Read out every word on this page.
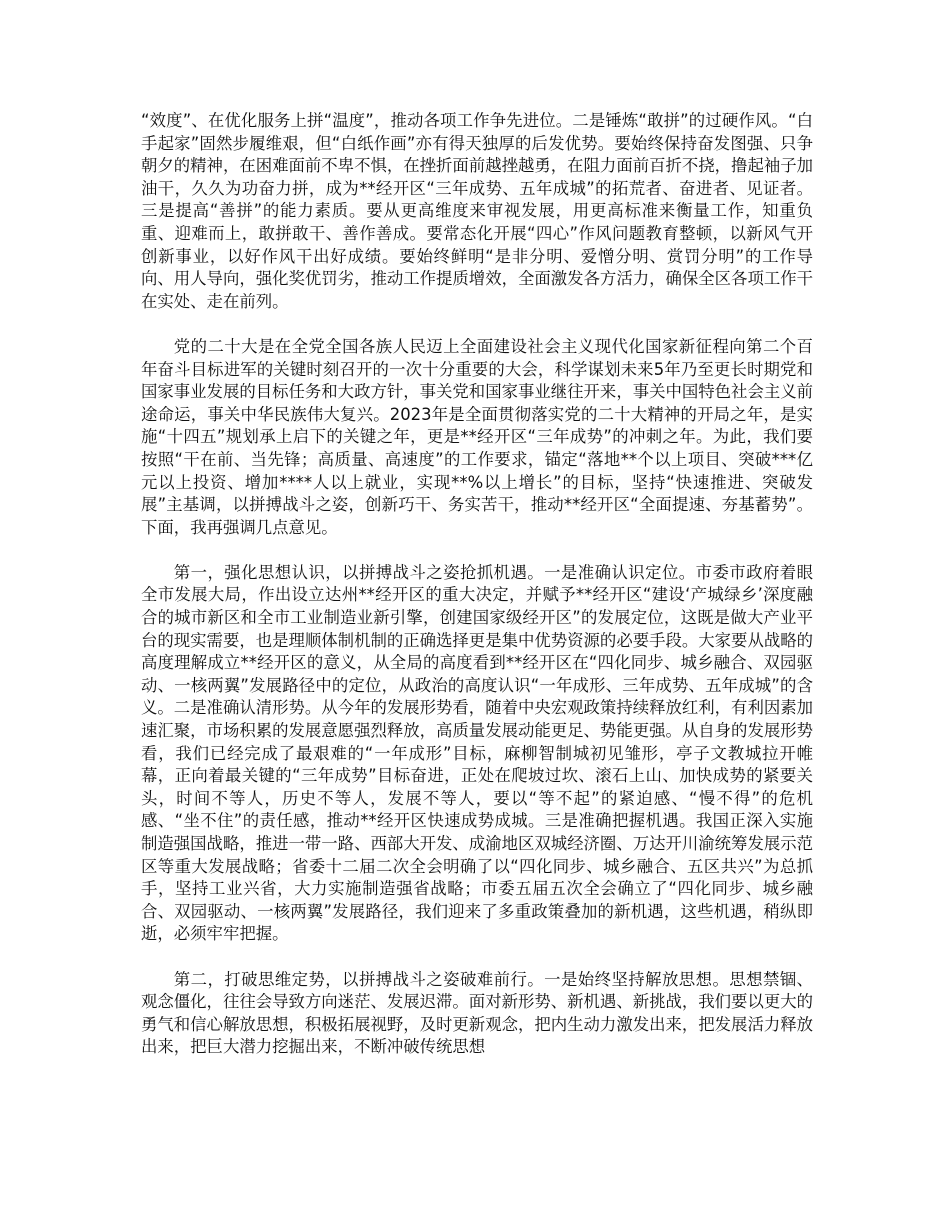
“效度”、在优化服务上拼“温度”，推动各项工作争先进位。二是锤炼“敢拼”的过硬作风。“白手起家”固然步履维艰，但“白纸作画”亦有得天独厚的后发优势。要始终保持奋发图强、只争朝夕的精神，在困难面前不卑不惧，在挫折面前越挫越勇，在阻力面前百折不挠，撸起袖子加油干，久久为功奋力拼，成为**经开区“三年成势、五年成城”的拓荒者、奋进者、见证者。三是提高“善拼”的能力素质。要从更高维度来审视发展，用更高标准来衡量工作，知重负重、迎难而上，敢拼敢干、善作善成。要常态化开展“四心”作风问题教育整顿，以新风气开创新事业，以好作风干出好成绩。要始终鲜明“是非分明、爱憎分明、赏罚分明”的工作导向、用人导向，强化奖优罚劣，推动工作提质增效，全面激发各方活力，确保全区各项工作干在实处、走在前列。

党的二十大是在全党全国各族人民迈上全面建设社会主义现代化国家新征程向第二个百年奋斗目标进军的关键时刻召开的一次十分重要的大会，科学谋划未来5年乃至更长时期党和国家事业发展的目标任务和大政方针，事关党和国家事业继往开来，事关中国特色社会主义前途命运，事关中华民族伟大复兴。2023年是全面贯彻落实党的二十大精神的开局之年，是实施“十四五”规划承上启下的关键之年，更是**经开区“三年成势”的冲刺之年。为此，我们要按照“干在前、当先锋；高质量、高速度”的工作要求，锚定“落地**个以上项目、突破***亿元以上投资、增加****人以上就业，实现**%以上增长”的目标，坚持“快速推进、突破发展”主基调，以拼搏战斗之姿，创新巧干、务实苦干，推动**经开区“全面提速、夯基蓄势”。下面，我再强调几点意见。

第一，强化思想认识，以拼搏战斗之姿抢抓机遇。一是准确认识定位。市委市政府着眼全市发展大局，作出设立达州**经开区的重大决定，并赋予**经开区“建设‘产城绿乡’深度融合的城市新区和全市工业制造业新引擎，创建国家级经开区”的发展定位，这既是做大产业平台的现实需要，也是理顺体制机制的正确选择更是集中优势资源的必要手段。大家要从战略的高度理解成立**经开区的意义，从全局的高度看到**经开区在“四化同步、城乡融合、双园驱动、一核两翼”发展路径中的定位，从政治的高度认识“一年成形、三年成势、五年成城”的含义。二是准确认清形势。从今年的发展形势看，随着中央宏观政策持续释放红利，有利因素加速汇聚，市场积累的发展意愿强烈释放，高质量发展动能更足、势能更强。从自身的发展形势看，我们已经完成了最艰难的“一年成形”目标，麻柳智制城初见雏形，亭子文教城拉开帷幕，正向着最关键的“三年成势”目标奋进，正处在爬坡过坎、滚石上山、加快成势的紧要关头，时间不等人，历史不等人，发展不等人，要以“等不起”的紧迫感、“慢不得”的危机感、“坐不住”的责任感，推动**经开区快速成势成城。三是准确把握机遇。我国正深入实施制造强国战略，推进一带一路、西部大开发、成渝地区双城经济圈、万达开川渝统筹发展示范区等重大发展战略；省委十二届二次全会明确了以“四化同步、城乡融合、五区共兴”为总抓手，坚持工业兴省，大力实施制造强省战略；市委五届五次全会确立了“四化同步、城乡融合、双园驱动、一核两翼”发展路径，我们迎来了多重政策叠加的新机遇，这些机遇，稍纵即逝，必须牢牢把握。

第二，打破思维定势，以拼搏战斗之姿破难前行。一是始终坚持解放思想。思想禁锢、观念僵化，往往会导致方向迷茫、发展迟滞。面对新形势、新机遇、新挑战，我们要以更大的勇气和信心解放思想，积极拓展视野，及时更新观念，把内生动力激发出来，把发展活力释放出来，把巨大潜力挖掘出来，不断冲破传统思想
